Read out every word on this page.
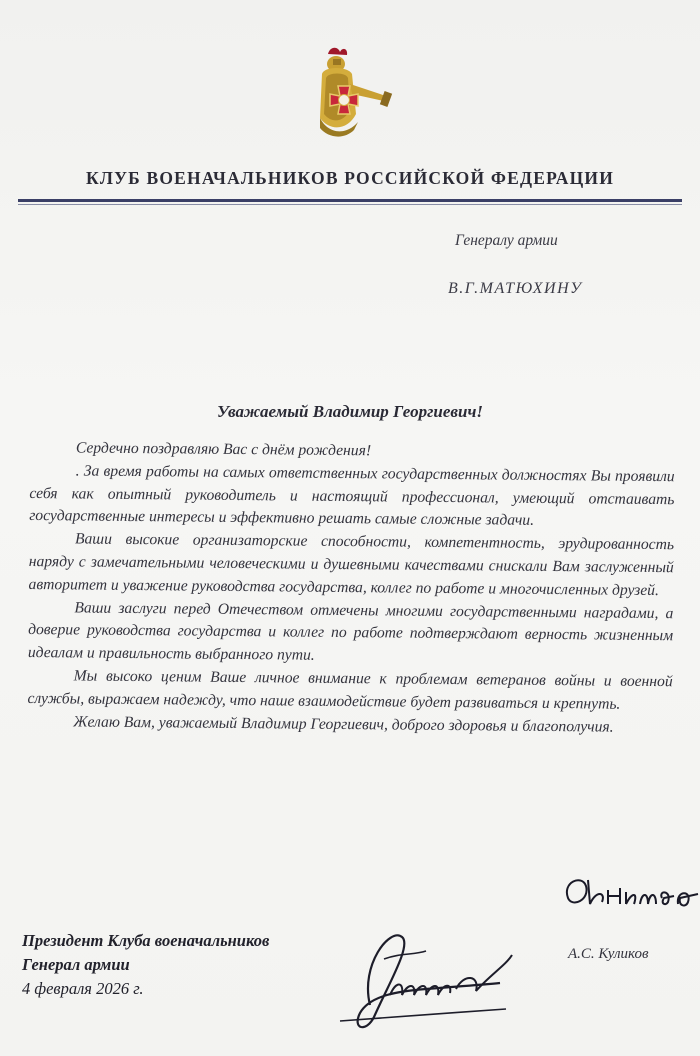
КЛУБ ВОЕНАЧАЛЬНИКОВ РОССИЙСКОЙ ФЕДЕРАЦИИ
Генералу армии
В.Г.МАТЮХИНУ
Уважаемый Владимир Георгиевич!

Сердечно поздравляю Вас с днём рождения!

. За время работы на самых ответственных государственных должностях Вы проявили себя как опытный руководитель и настоящий профессионал, умеющий отстаивать государственные интересы и эффективно решать самые сложные задачи.

Ваши высокие организаторские способности, компетентность, эрудированность наряду с замечательными человеческими и душевными качествами снискали Вам заслуженный авторитет и уважение руководства государства, коллег по работе и многочисленных друзей.

Ваши заслуги перед Отечеством отмечены многими государственными наградами, а доверие руководства государства и коллег по работе подтверждают верность жизненным идеалам и правильность выбранного пути.

Мы высоко ценим Ваше личное внимание к проблемам ветеранов войны и военной службы, выражаем надежду, что наше взаимодействие будет развиваться и крепнуть.

Желаю Вам, уважаемый Владимир Георгиевич, доброго здоровья и благополучия.

Президент Клуба военачальников
Генерал армии
4 февраля 2026 г.
А.С. Куликов
